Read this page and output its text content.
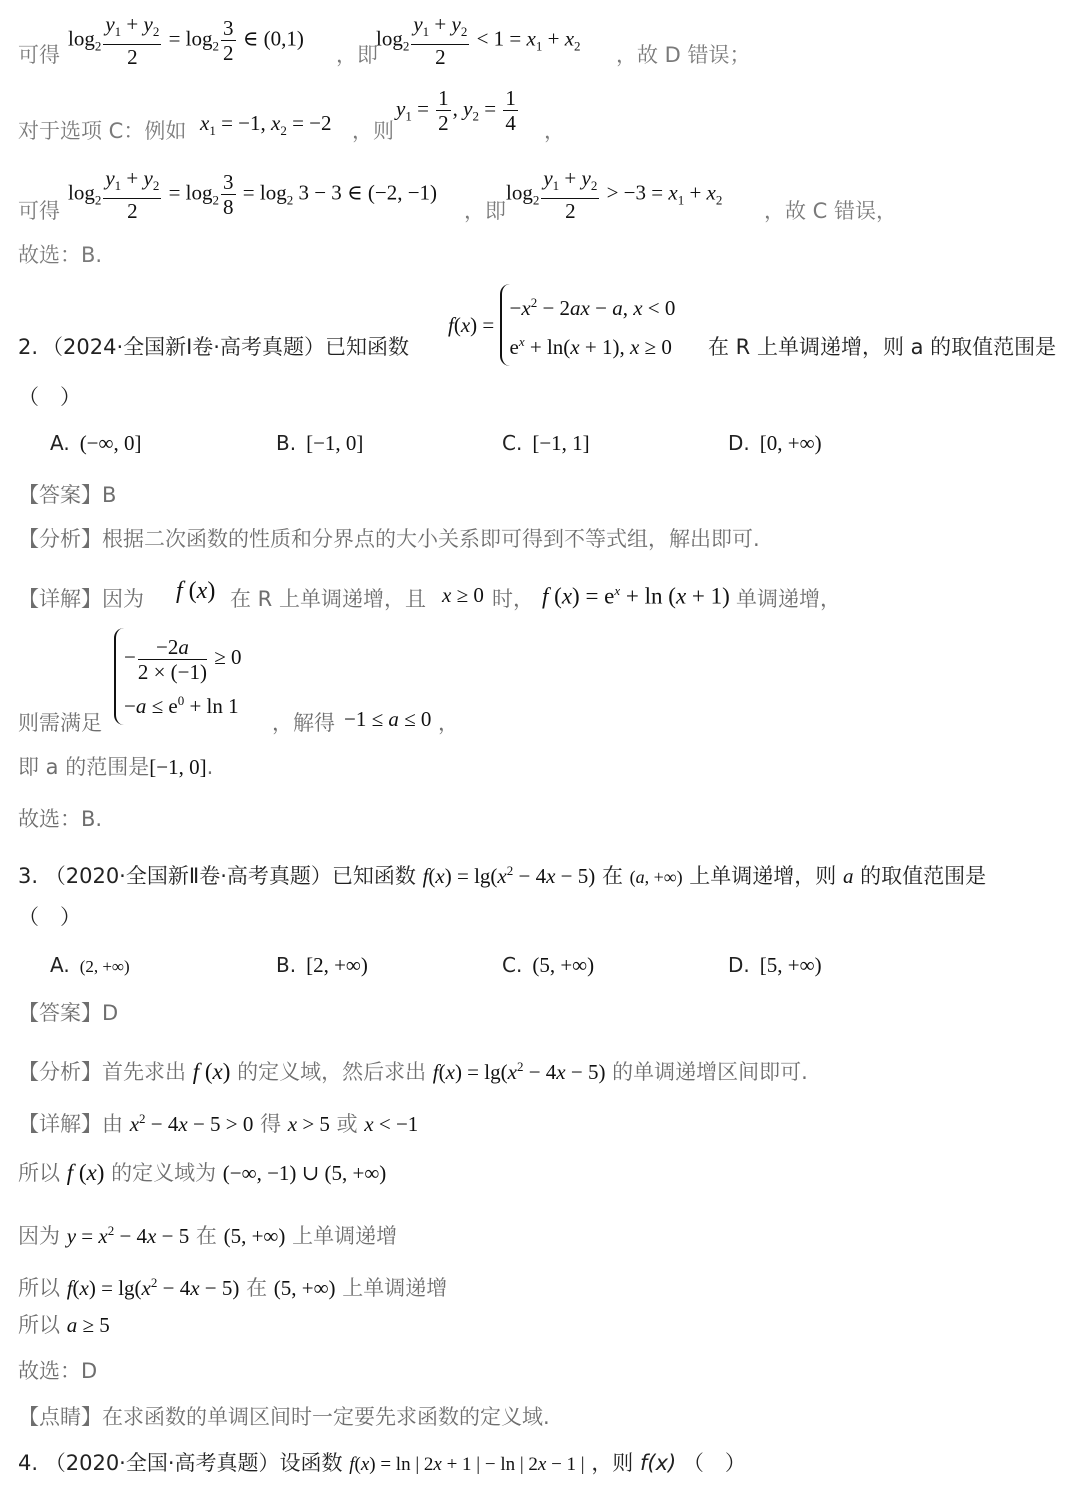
可得
$\log_2 \frac{y_1 + y_2}{2} = \log_2 \frac{3}{2}$ ∈ (0,1)
，即
$\log_2 \frac{y_1 + y_2}{2} < 1 = x_1 + x_2$ ，故 D 错误；
对于选项 C：例如 $x_1 = -1$, $x_2 = -2$ ，则
$y_1 = \frac{1}{2}$ , $y_2 = \frac{1}{4}$ ，
可得
$\log_2 \frac{y_1 + y_2}{2} = \log_2 \frac{3}{8} = \log_2 3 - 3$ ∈ (−2, −1)
，即
$\log_2 \frac{y_1 + y_2}{2} > -3 = x_1 + x_2$ ，故 C 错误，
故选：B.
2. （2024·全国新Ⅰ卷·高考真题）已知函数
f(x) =
$-x^2 - 2ax - a$, x < 0
$e^x + \ln(x + 1)$, x ≥ 0 在 R 上单调递增，则 a 的取值范围是
（　）
A. (−∞, 0]	B. [−1, 0]	C. [−1, 1]	D. [0, +∞)
【答案】B
【分析】根据二次函数的性质和分界点的大小关系即可得到不等式组，解出即可.
【详解】因为 f (x) 在 R 上单调递增，且 x ≥ 0 时， f $(x) = e^x + \ln (x + 1)$ 单调递增，
则需满足
− $\frac{-2a}{2 \times (-1)} \ge 0$
$-a \le e^0 + \ln 1$
，解得 −1 ≤ a ≤ 0 ，
即 a 的范围是[−1, 0].
故选：B.
3. （2020·全国新Ⅱ卷·高考真题）已知函数 $f(x) = \lg(x^2 - 4x - 5)$ 在 (a, +∞) 上单调递增，则 a 的取值范围是
（　）
A. (2, +∞)	B. [2, +∞)	C. (5, +∞)	D. [5, +∞)
【答案】D
【分析】首先求出 f (x) 的定义域，然后求出 $f(x) = \lg(x^2 - 4x - 5)$ 的单调递增区间即可.
【详解】由 $x^2 - 4x - 5 > 0$ 得 x > 5 或 x < −1
所以 f (x) 的定义域为 (−∞, −1) ∪ (5, +∞)
因为 $y = x^2 - 4x - 5$ 在 (5, +∞) 上单调递增
所以 $f(x) = \lg(x^2 - 4x - 5)$ 在 (5, +∞) 上单调递增
所以 a ≥ 5
故选：D
【点睛】在求函数的单调区间时一定要先求函数的定义域.
4. （2020·全国·高考真题）设函数 f(x) = ln | 2x + 1 | − ln | 2x − 1 | ，则 f(x) （　）
